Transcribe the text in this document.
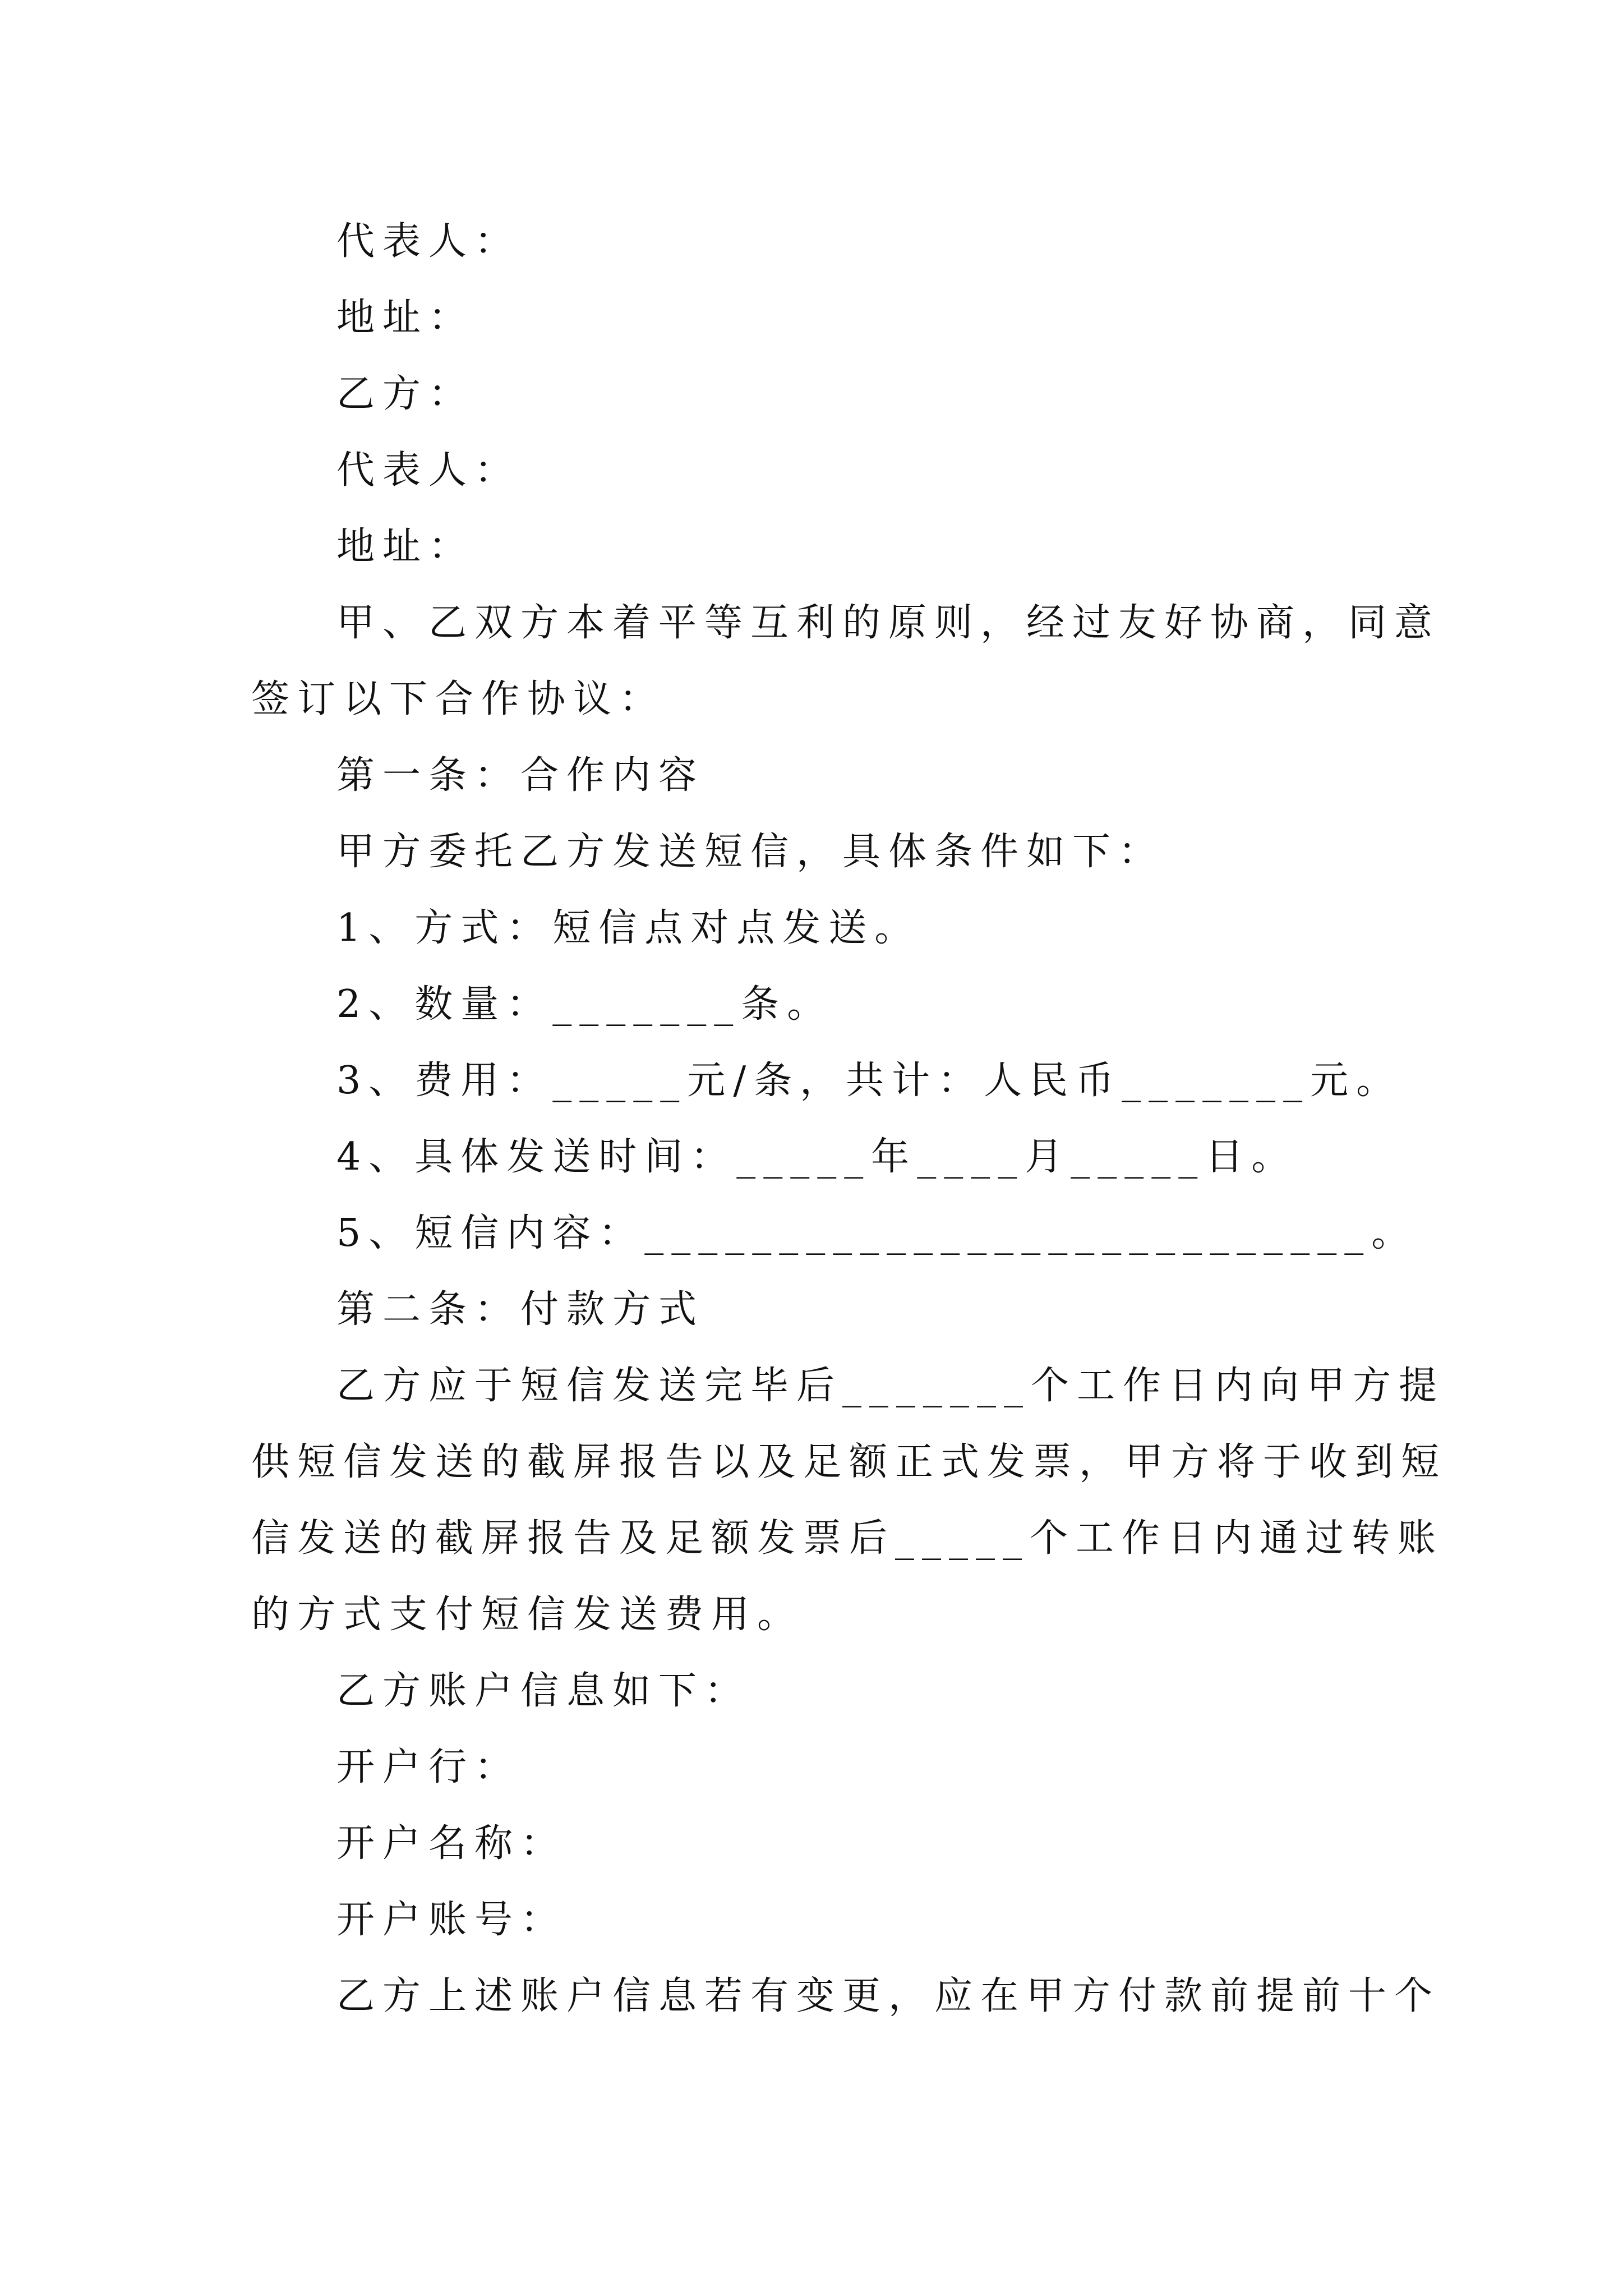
代表人：
地址：
乙方：
代表人：
地址：
甲、乙双方本着平等互利的原则，经过友好协商，同意
签订以下合作协议：
第一条：合作内容
甲方委托乙方发送短信，具体条件如下：
1、方式：短信点对点发送。
2、数量：_______条。
3、费用：_____元/条，共计：人民币_______元。
4、具体发送时间：_____年____月_____日。
5、短信内容：___________________________。
第二条：付款方式
乙方应于短信发送完毕后_______个工作日内向甲方提
供短信发送的截屏报告以及足额正式发票，甲方将于收到短
信发送的截屏报告及足额发票后_____个工作日内通过转账
的方式支付短信发送费用。
乙方账户信息如下：
开户行：
开户名称：
开户账号：
乙方上述账户信息若有变更，应在甲方付款前提前十个
